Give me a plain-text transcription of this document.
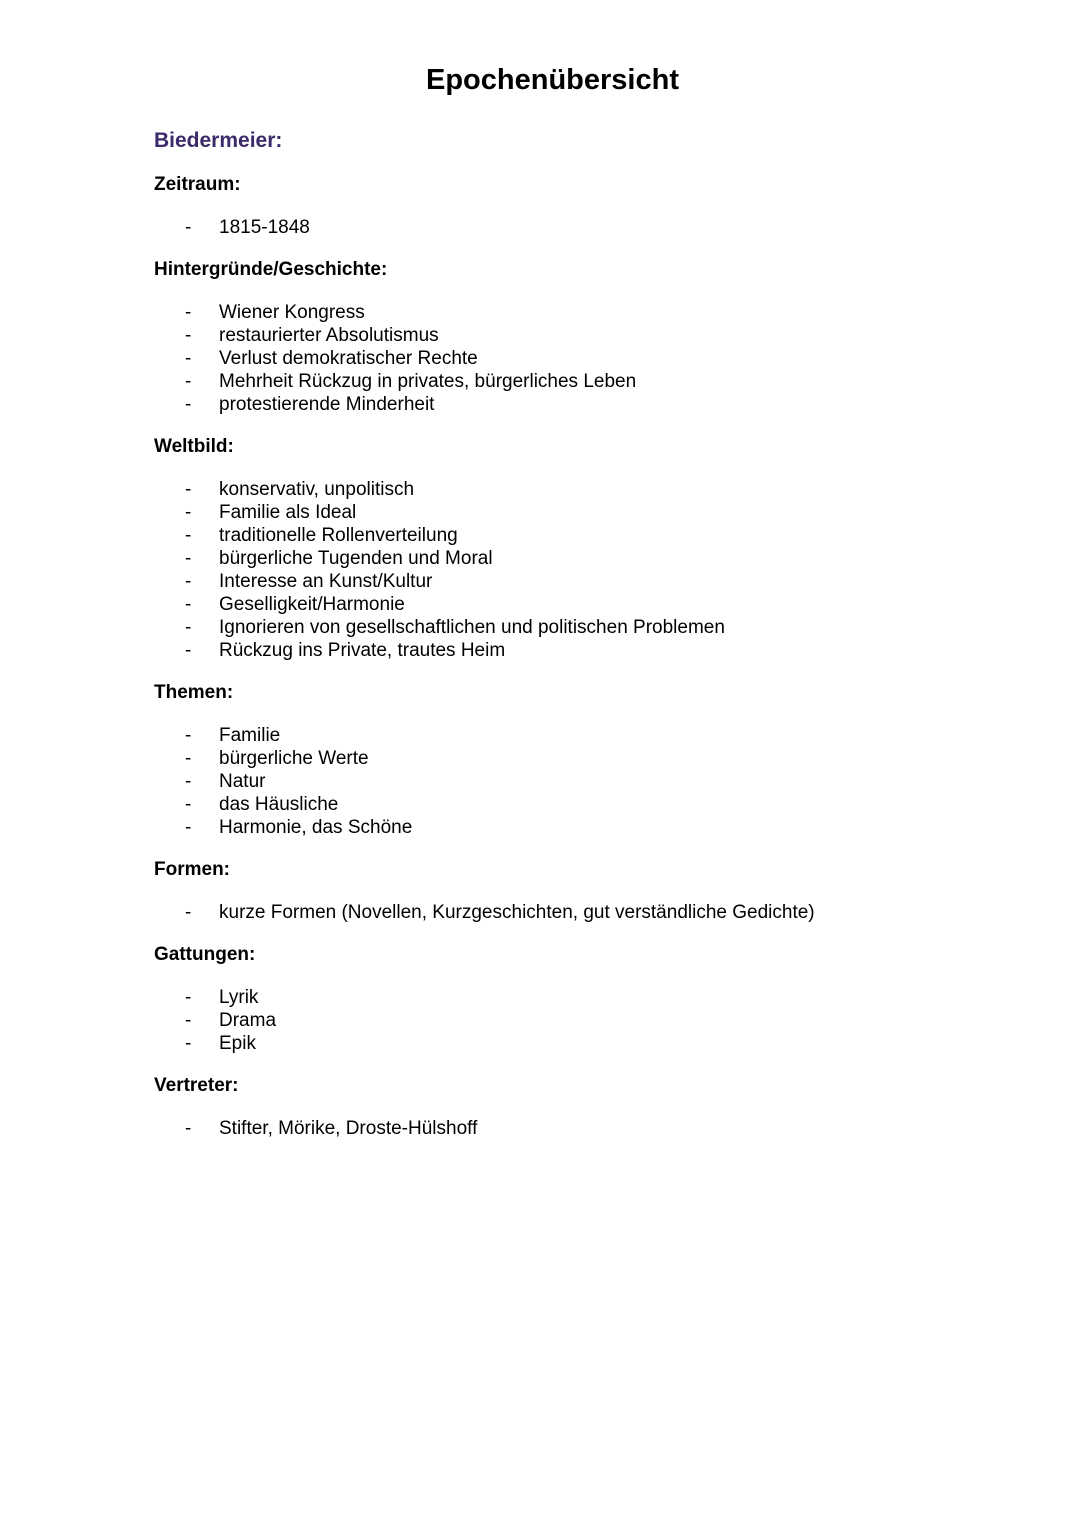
Epochenübersicht
Biedermeier:
Zeitraum:
- 1815-1848
Hintergründe/Geschichte:
- Wiener Kongress
- restaurierter Absolutismus
- Verlust demokratischer Rechte
- Mehrheit Rückzug in privates, bürgerliches Leben
- protestierende Minderheit
Weltbild:
- konservativ, unpolitisch
- Familie als Ideal
- traditionelle Rollenverteilung
- bürgerliche Tugenden und Moral
- Interesse an Kunst/Kultur
- Geselligkeit/Harmonie
- Ignorieren von gesellschaftlichen und politischen Problemen
- Rückzug ins Private, trautes Heim
Themen:
- Familie
- bürgerliche Werte
- Natur
- das Häusliche
- Harmonie, das Schöne
Formen:
- kurze Formen (Novellen, Kurzgeschichten, gut verständliche Gedichte)
Gattungen:
- Lyrik
- Drama
- Epik
Vertreter:
- Stifter, Mörike, Droste-Hülshoff
